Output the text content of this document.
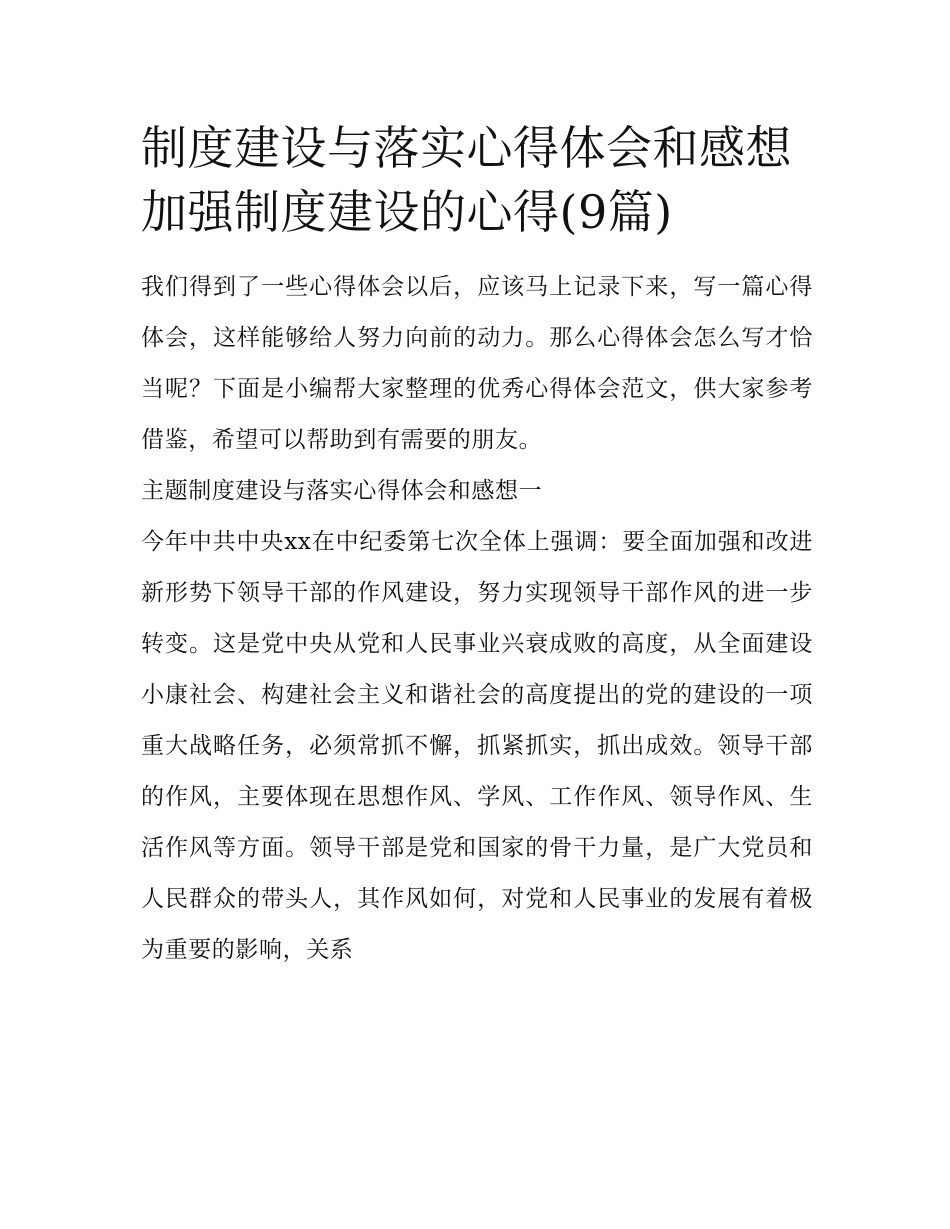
制度建设与落实心得体会和感想 加强制度建设的心得(9篇)

我们得到了一些心得体会以后，应该马上记录下来，写一篇心得体会，这样能够给人努力向前的动力。那么心得体会怎么写才恰当呢？下面是小编帮大家整理的优秀心得体会范文，供大家参考借鉴，希望可以帮助到有需要的朋友。

主题制度建设与落实心得体会和感想一

今年中共中央xx在中纪委第七次全体上强调：要全面加强和改进新形势下领导干部的作风建设，努力实现领导干部作风的进一步转变。这是党中央从党和人民事业兴衰成败的高度，从全面建设小康社会、构建社会主义和谐社会的高度提出的党的建设的一项重大战略任务，必须常抓不懈，抓紧抓实，抓出成效。领导干部的作风，主要体现在思想作风、学风、工作作风、领导作风、生活作风等方面。领导干部是党和国家的骨干力量，是广大党员和人民群众的带头人，其作风如何，对党和人民事业的发展有着极为重要的影响，关系
